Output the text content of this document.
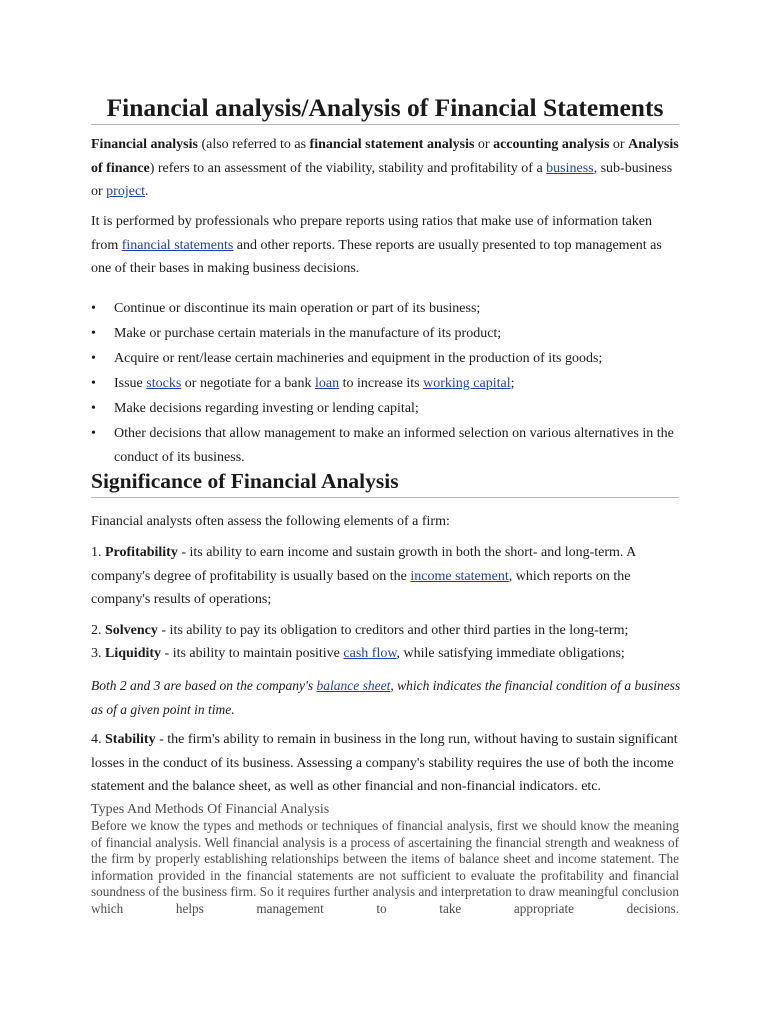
Financial analysis/Analysis of Financial Statements

Financial analysis (also referred to as financial statement analysis or accounting analysis or Analysis of finance) refers to an assessment of the viability, stability and profitability of a business, sub-business or project.

It is performed by professionals who prepare reports using ratios that make use of information taken from financial statements and other reports. These reports are usually presented to top management as one of their bases in making business decisions.

• Continue or discontinue its main operation or part of its business;
• Make or purchase certain materials in the manufacture of its product;
• Acquire or rent/lease certain machineries and equipment in the production of its goods;
• Issue stocks or negotiate for a bank loan to increase its working capital;
• Make decisions regarding investing or lending capital;
• Other decisions that allow management to make an informed selection on various alternatives in the conduct of its business.
Significance of Financial Analysis

Financial analysts often assess the following elements of a firm:

1. Profitability - its ability to earn income and sustain growth in both the short- and long-term. A company's degree of profitability is usually based on the income statement, which reports on the company's results of operations;

2. Solvency - its ability to pay its obligation to creditors and other third parties in the long-term;

3. Liquidity - its ability to maintain positive cash flow, while satisfying immediate obligations;

Both 2 and 3 are based on the company's balance sheet, which indicates the financial condition of a business as of a given point in time.

4. Stability - the firm's ability to remain in business in the long run, without having to sustain significant losses in the conduct of its business. Assessing a company's stability requires the use of both the income statement and the balance sheet, as well as other financial and non-financial indicators. etc.

Types And Methods Of Financial Analysis

Before we know the types and methods or techniques of financial analysis, first we should know the meaning of financial analysis. Well financial analysis is a process of ascertaining the financial strength and weakness of the firm by properly establishing relationships between the items of balance sheet and income statement. The information provided in the financial statements are not sufficient to evaluate the profitability and financial soundness of the business firm. So it requires further analysis and interpretation to draw meaningful conclusion which helps management to take appropriate decisions.
